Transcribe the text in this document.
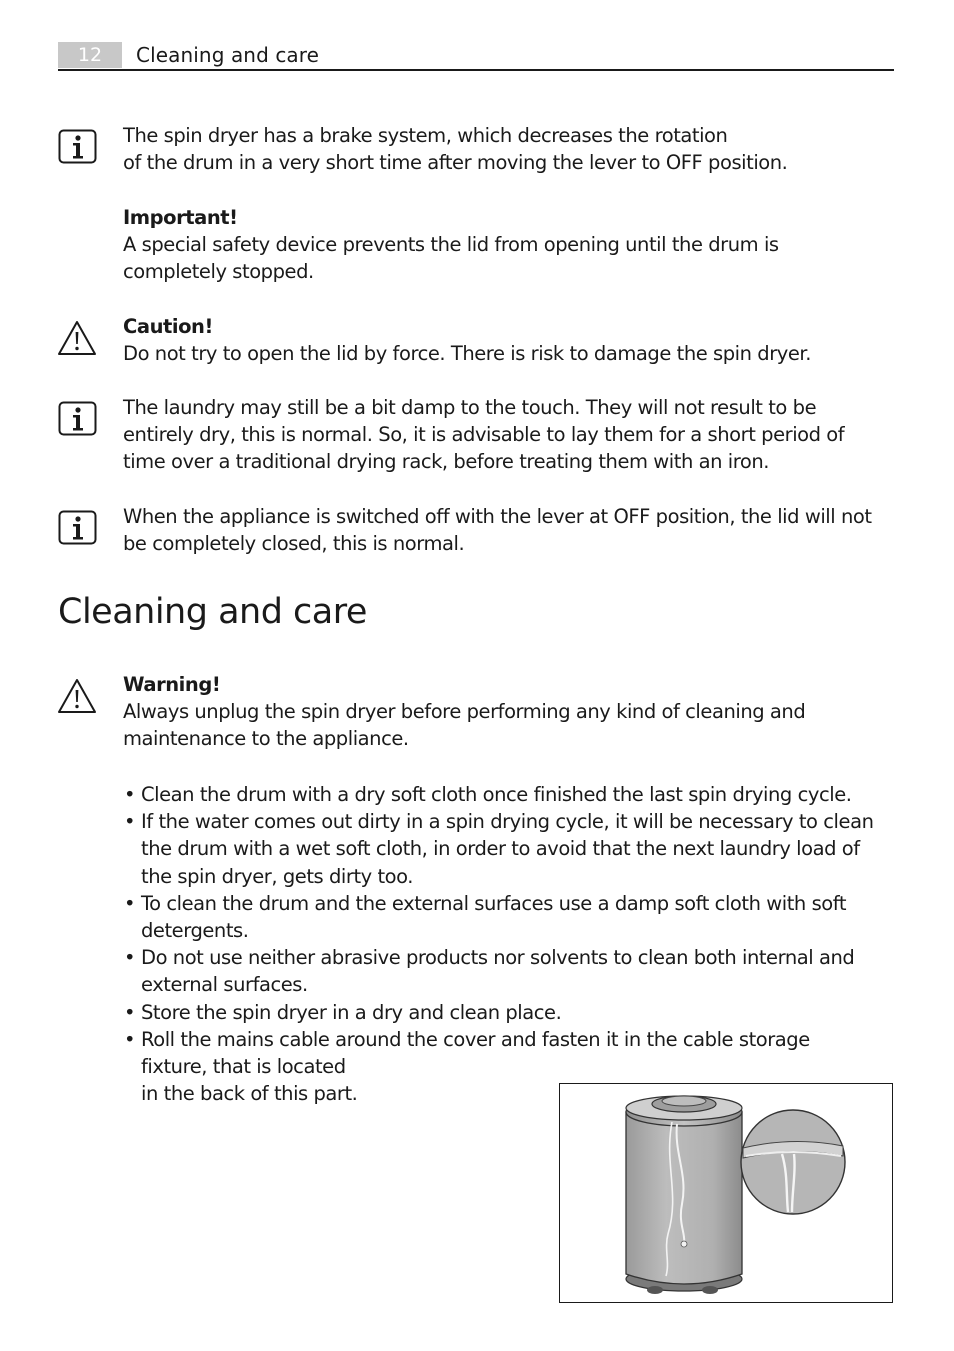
12	Cleaning and care
The spin dryer has a brake system, which decreases the rotation
of the drum in a very short time after moving the lever to OFF position.
Important!
A special safety device prevents the lid from opening until the drum is
completely stopped.
Caution!
Do not try to open the lid by force. There is risk to damage the spin dryer.
The laundry may still be a bit damp to the touch. They will not result to be
entirely dry, this is normal. So, it is advisable to lay them for a short period of
time over a traditional drying rack, before treating them with an iron.
When the appliance is switched off with the lever at OFF position, the lid will not
be completely closed, this is normal.
Cleaning and care
Warning!
Always unplug the spin dryer before performing any kind of cleaning and
maintenance to the appliance.
• Clean the drum with a dry soft cloth once finished the last spin drying cycle.
• If the water comes out dirty in a spin drying cycle, it will be necessary to clean
the drum with a wet soft cloth, in order to avoid that the next laundry load of
the spin dryer, gets dirty too.
• To clean the drum and the external surfaces use a damp soft cloth with soft
detergents.
• Do not use neither abrasive products nor solvents to clean both internal and
external surfaces.
• Store the spin dryer in a dry and clean place.
• Roll the mains cable around the cover and fasten it in the cable storage
fixture, that is located
in the back of this part.
